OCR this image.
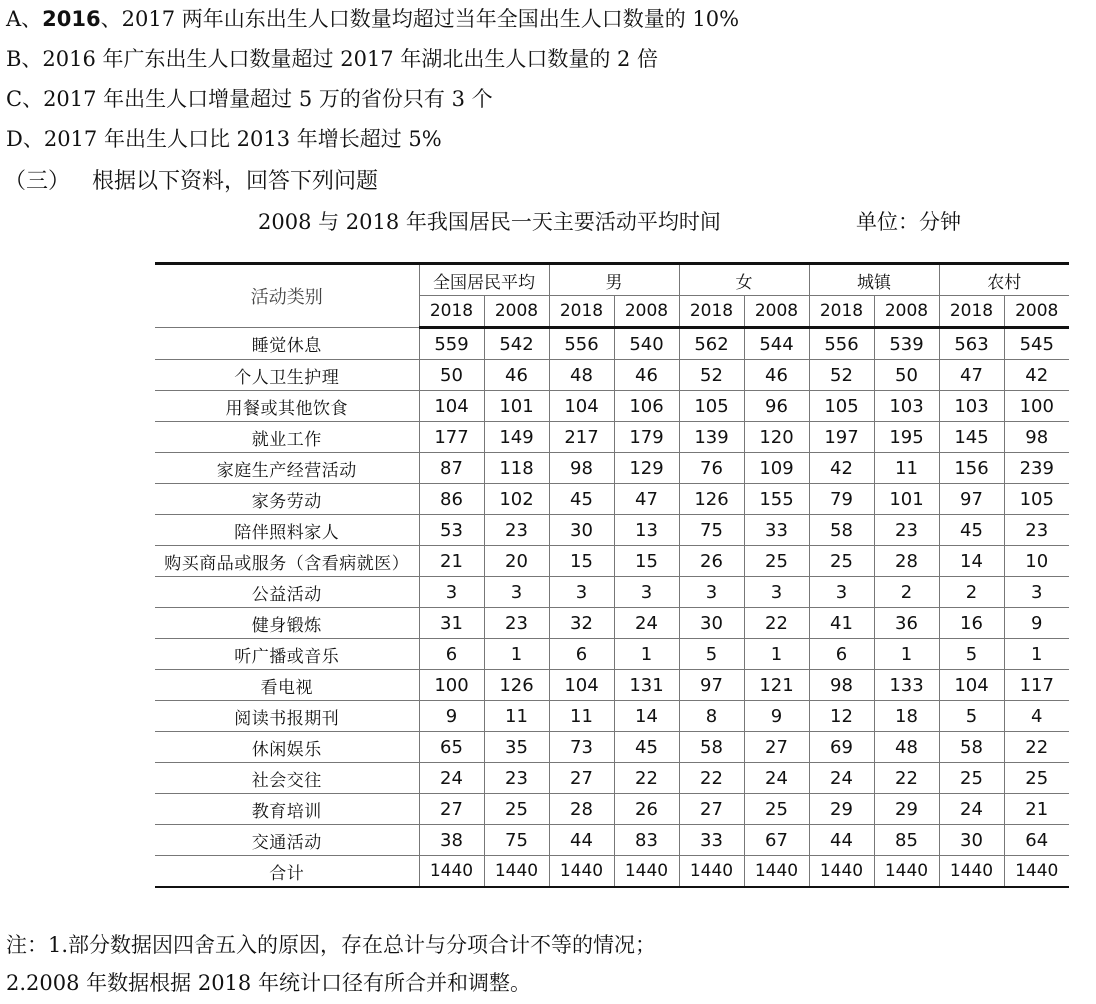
A、2016、2017 两年山东出生人口数量均超过当年全国出生人口数量的 10%
B、2016 年广东出生人口数量超过 2017 年湖北出生人口数量的 2 倍
C、2017 年出生人口增量超过 5 万的省份只有 3 个
D、2017 年出生人口比 2013 年增长超过 5%
（三） 根据以下资料，回答下列问题
2008 与 2018 年我国居民一天主要活动平均时间	单位：分钟
活动类别	全国居民平均		男		女		城镇		农村	
	2018	2008	2018	2008	2018	2008	2018	2008	2018	2008
睡觉休息	559	542	556	540	562	544	556	539	563	545
个人卫生护理	50	46	48	46	52	46	52	50	47	42
用餐或其他饮食	104	101	104	106	105	96	105	103	103	100
就业工作	177	149	217	179	139	120	197	195	145	98
家庭生产经营活动	87	118	98	129	76	109	42	11	156	239
家务劳动	86	102	45	47	126	155	79	101	97	105
陪伴照料家人	53	23	30	13	75	33	58	23	45	23
购买商品或服务（含看病就医）	21	20	15	15	26	25	25	28	14	10
公益活动	3	3	3	3	3	3	3	2	2	3
健身锻炼	31	23	32	24	30	22	41	36	16	9
听广播或音乐	6	1	6	1	5	1	6	1	5	1
看电视	100	126	104	131	97	121	98	133	104	117
阅读书报期刊	9	11	11	14	8	9	12	18	5	4
休闲娱乐	65	35	73	45	58	27	69	48	58	22
社会交往	24	23	27	22	22	24	24	22	25	25
教育培训	27	25	28	26	27	25	29	29	24	21
交通活动	38	75	44	83	33	67	44	85	30	64
合计	1440	1440	1440	1440	1440	1440	1440	1440	1440	1440
注：1.部分数据因四舍五入的原因，存在总计与分项合计不等的情况；
2.2008 年数据根据 2018 年统计口径有所合并和调整。
